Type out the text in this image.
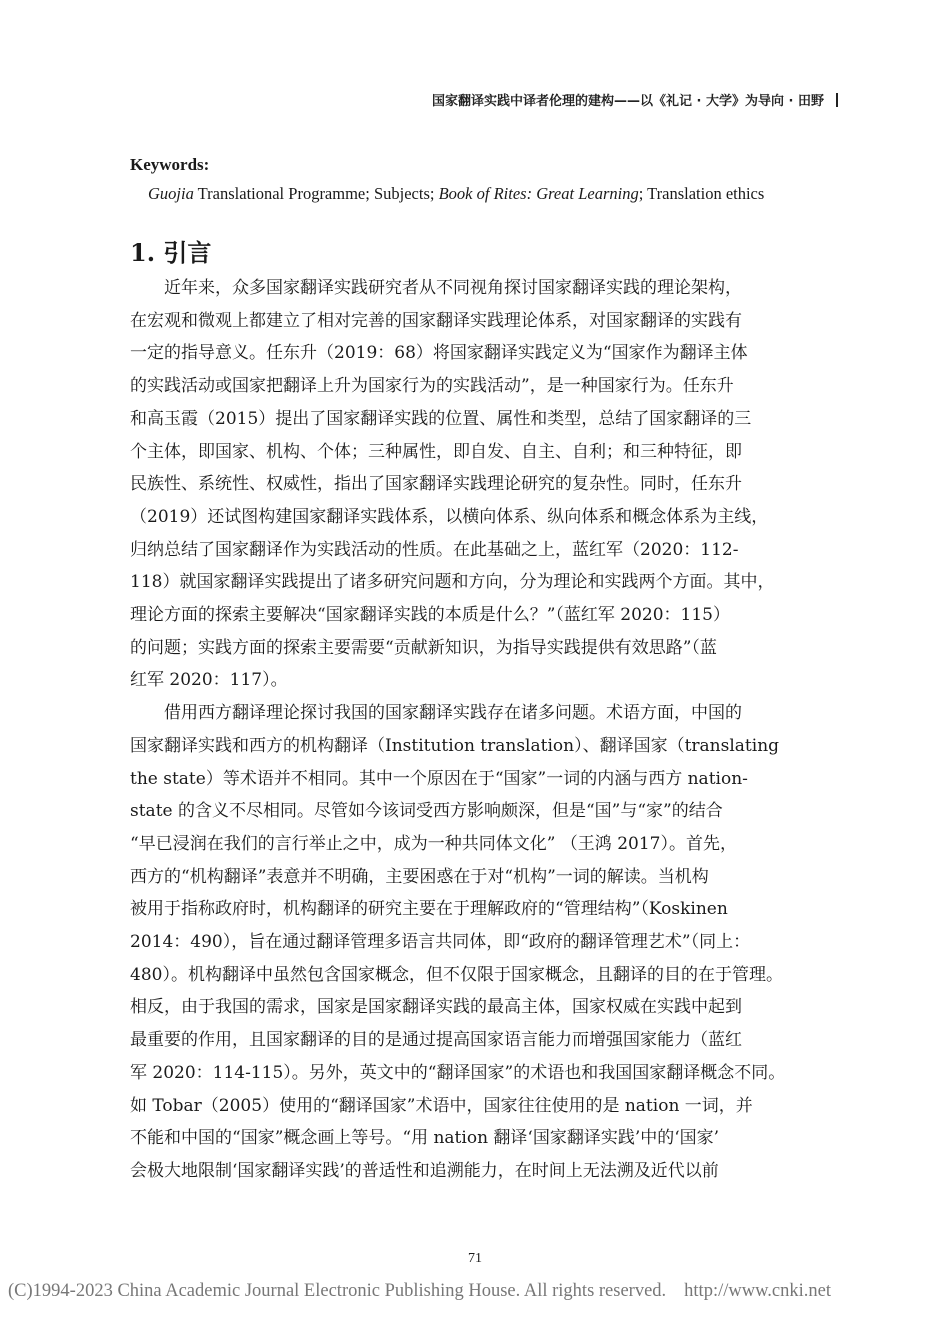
国家翻译实践中译者伦理的建构——以《礼记 · 大学》为导向 · 田野
Keywords:
Guojia Translational Programme; Subjects; Book of Rites: Great Learning; Translation ethics
1. 引言

　　近年来，众多国家翻译实践研究者从不同视角探讨国家翻译实践的理论架构，

在宏观和微观上都建立了相对完善的国家翻译实践理论体系，对国家翻译的实践有

一定的指导意义。任东升（2019：68）将国家翻译实践定义为“国家作为翻译主体

的实践活动或国家把翻译上升为国家行为的实践活动”，是一种国家行为。任东升

和高玉霞（2015）提出了国家翻译实践的位置、属性和类型，总结了国家翻译的三

个主体，即国家、机构、个体；三种属性，即自发、自主、自利；和三种特征，即

民族性、系统性、权威性，指出了国家翻译实践理论研究的复杂性。同时，任东升

（2019）还试图构建国家翻译实践体系，以横向体系、纵向体系和概念体系为主线，

归纳总结了国家翻译作为实践活动的性质。在此基础之上，蓝红军（2020：112-

118）就国家翻译实践提出了诸多研究问题和方向，分为理论和实践两个方面。其中，

理论方面的探索主要解决“国家翻译实践的本质是什么？”（蓝红军 2020：115）

的问题；实践方面的探索主要需要“贡献新知识，为指导实践提供有效思路”（蓝

红军 2020：117）。

　　借用西方翻译理论探讨我国的国家翻译实践存在诸多问题。术语方面，中国的

国家翻译实践和西方的机构翻译（Institution translation）、翻译国家（translating

the state）等术语并不相同。其中一个原因在于“国家”一词的内涵与西方 nation-

state 的含义不尽相同。尽管如今该词受西方影响颇深，但是“国”与“家”的结合

“早已浸润在我们的言行举止之中，成为一种共同体文化” （王鸿 2017）。首先，

西方的“机构翻译”表意并不明确，主要困惑在于对“机构”一词的解读。当机构

被用于指称政府时，机构翻译的研究主要在于理解政府的“管理结构”（Koskinen

2014：490），旨在通过翻译管理多语言共同体，即“政府的翻译管理艺术”（同上：

480）。机构翻译中虽然包含国家概念，但不仅限于国家概念，且翻译的目的在于管理。

相反，由于我国的需求，国家是国家翻译实践的最高主体，国家权威在实践中起到

最重要的作用，且国家翻译的目的是通过提高国家语言能力而增强国家能力（蓝红

军 2020：114-115）。另外，英文中的“翻译国家”的术语也和我国国家翻译概念不同。

如 Tobar（2005）使用的“翻译国家”术语中，国家往往使用的是 nation 一词，并

不能和中国的“国家”概念画上等号。“用 nation 翻译‘国家翻译实践’中的‘国家’

会极大地限制‘国家翻译实践’的普适性和追溯能力，在时间上无法溯及近代以前

71
(C)1994-2023 China Academic Journal Electronic Publishing House. All rights reserved. http://www.cnki.net
